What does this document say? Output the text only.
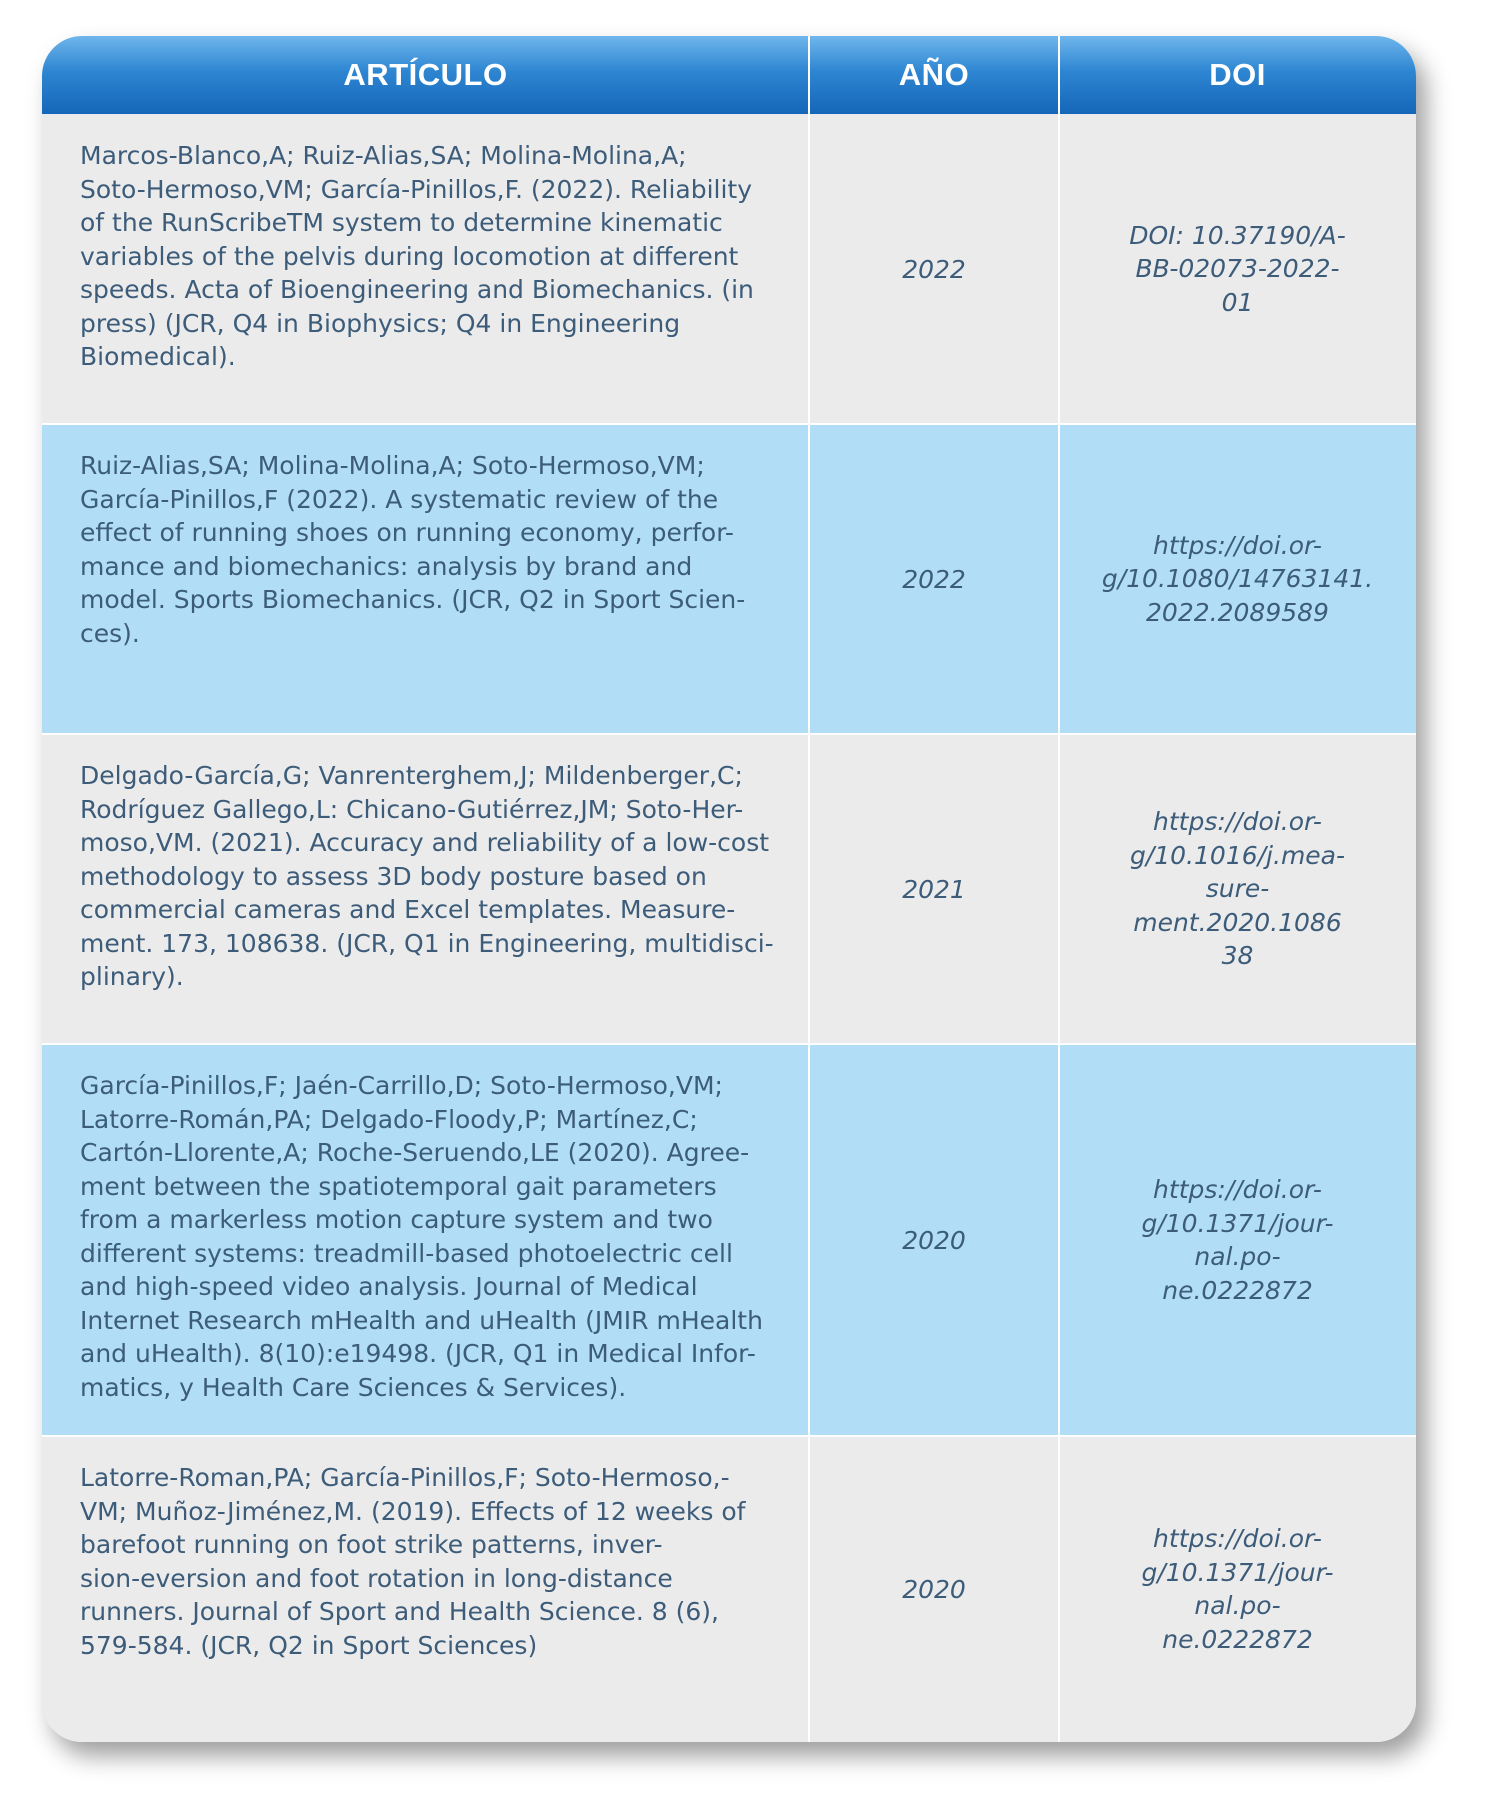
ARTÍCULO	AÑO	DOI
Marcos-Blanco,A; Ruiz-Alias,SA; Molina-Molina,A;
Soto-Hermoso,VM; García-Pinillos,F. (2022). Reliability
of the RunScribeTM system to determine kinematic
variables of the pelvis during locomotion at different
speeds. Acta of Bioengineering and Biomechanics. (in
press) (JCR, Q4 in Biophysics; Q4 in Engineering
Biomedical).
2022
DOI: 10.37190/A-
BB-02073-2022-
01
Ruiz-Alias,SA; Molina-Molina,A; Soto-Hermoso,VM;
García-Pinillos,F (2022). A systematic review of the
effect of running shoes on running economy, perfor-
mance and biomechanics: analysis by brand and
model. Sports Biomechanics. (JCR, Q2 in Sport Scien-
ces).
2022
https://doi.or-
g/10.1080/14763141.
2022.2089589
Delgado-García,G; Vanrenterghem,J; Mildenberger,C;
Rodríguez Gallego,L: Chicano-Gutiérrez,JM; Soto-Her-
moso,VM. (2021). Accuracy and reliability of a low-cost
methodology to assess 3D body posture based on
commercial cameras and Excel templates. Measure-
ment. 173, 108638. (JCR, Q1 in Engineering, multidisci-
plinary).
2021
https://doi.or-
g/10.1016/j.mea-
sure-
ment.2020.1086
38
García-Pinillos,F; Jaén-Carrillo,D; Soto-Hermoso,VM;
Latorre-Román,PA; Delgado-Floody,P; Martínez,C;
Cartón-Llorente,A; Roche-Seruendo,LE (2020). Agree-
ment between the spatiotemporal gait parameters
from a markerless motion capture system and two
different systems: treadmill-based photoelectric cell
and high-speed video analysis. Journal of Medical
Internet Research mHealth and uHealth (JMIR mHealth
and uHealth). 8(10):e19498. (JCR, Q1 in Medical Infor-
matics, y Health Care Sciences & Services).
2020
https://doi.or-
g/10.1371/jour-
nal.po-
ne.0222872
Latorre-Roman,PA; García-Pinillos,F; Soto-Hermoso,-
VM; Muñoz-Jiménez,M. (2019). Effects of 12 weeks of
barefoot running on foot strike patterns, inver-
sion-eversion and foot rotation in long-distance
runners. Journal of Sport and Health Science. 8 (6),
579-584. (JCR, Q2 in Sport Sciences)
2020
https://doi.or-
g/10.1371/jour-
nal.po-
ne.0222872
